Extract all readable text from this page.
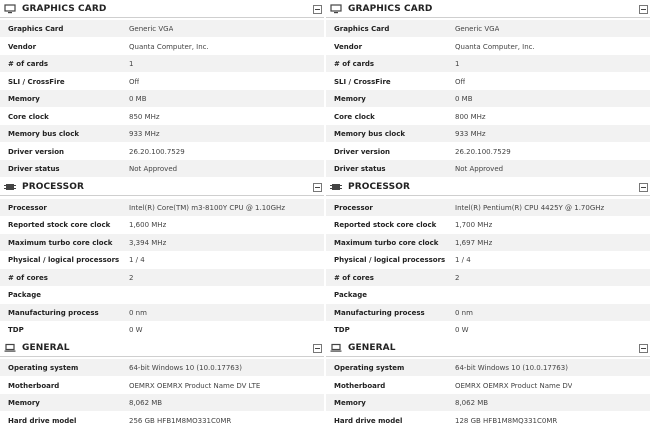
GRAPHICS CARD
Graphics Card	Generic VGA
Vendor	Quanta Computer, Inc.
# of cards	1
SLI / CrossFire	Off
Memory	0 MB
Core clock	850 MHz
Memory bus clock	933 MHz
Driver version	26.20.100.7529
Driver status	Not Approved
PROCESSOR
Processor	Intel(R) Core(TM) m3-8100Y CPU @ 1.10GHz
Reported stock core clock	1,600 MHz
Maximum turbo core clock	3,394 MHz
Physical / logical processors	1 / 4
# of cores	2
Package
Manufacturing process	0 nm
TDP	0 W
GENERAL
Operating system	64-bit Windows 10 (10.0.17763)
Motherboard	OEMRX OEMRX Product Name DV LTE
Memory	8,062 MB
Hard drive model	256 GB HFB1M8MO331C0MR
GRAPHICS CARD
Graphics Card	Generic VGA
Vendor	Quanta Computer, Inc.
# of cards	1
SLI / CrossFire	Off
Memory	0 MB
Core clock	800 MHz
Memory bus clock	933 MHz
Driver version	26.20.100.7529
Driver status	Not Approved
PROCESSOR
Processor	Intel(R) Pentium(R) CPU 4425Y @ 1.70GHz
Reported stock core clock	1,700 MHz
Maximum turbo core clock	1,697 MHz
Physical / logical processors	1 / 4
# of cores	2
Package
Manufacturing process	0 nm
TDP	0 W
GENERAL
Operating system	64-bit Windows 10 (10.0.17763)
Motherboard	OEMRX OEMRX Product Name DV
Memory	8,062 MB
Hard drive model	128 GB HFB1M8MQ331C0MR
